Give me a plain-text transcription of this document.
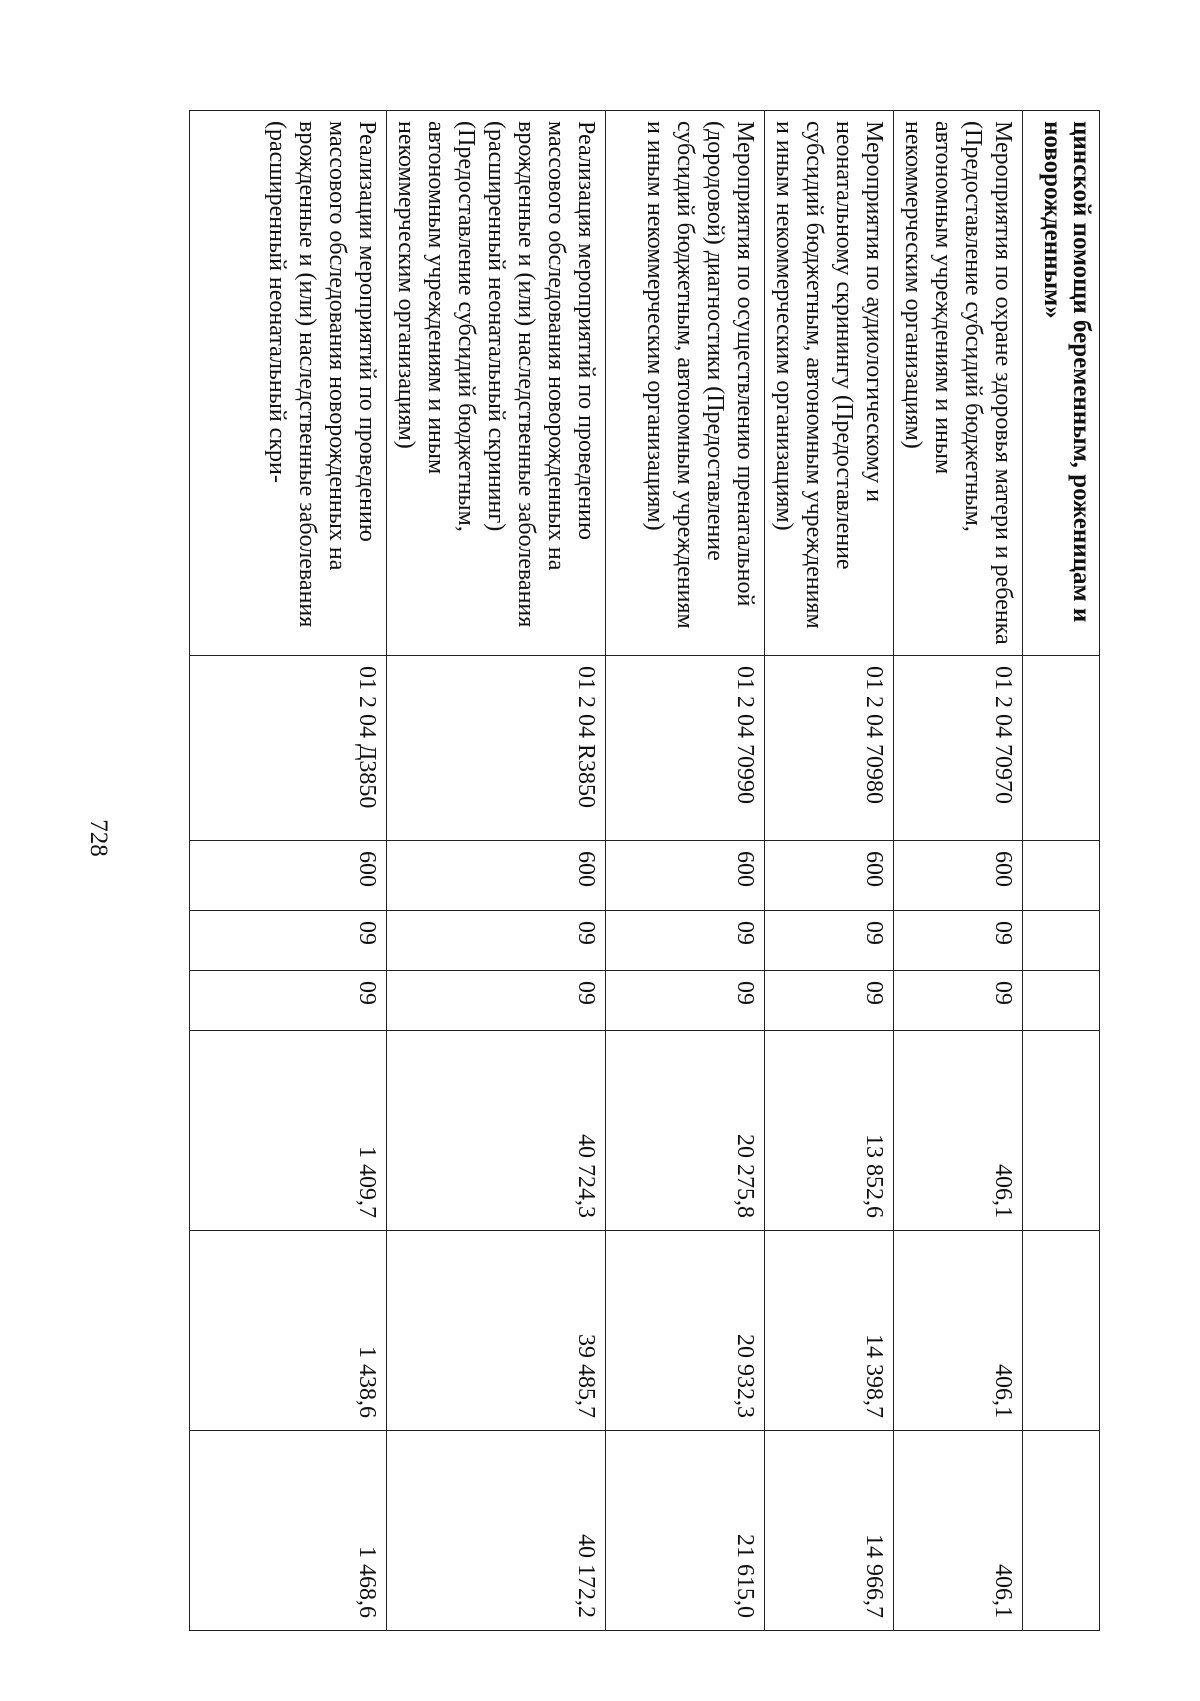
728
цинской помощи беременным, роженицам и новорожденным»							
Мероприятия по охране здоровья матери и ребенка (Предоставление субсидий бюджетным, автономным учреждениям и иным некоммерческим организациям)	01 2 04 70970	600	09	09	406,1	406,1	406,1
Мероприятия по аудиологическому и неонатальному скринингу (Предоставление субсидий бюджетным, автономным учреждениям и иным некоммерческим организациям)	01 2 04 70980	600	09	09	13 852,6	14 398,7	14 966,7
Мероприятия по осуществлению пренатальной (дородовой) диагностики (Предоставление субсидий бюджетным, автономным учреждениям и иным некоммерческим организациям)	01 2 04 70990	600	09	09	20 275,8	20 932,3	21 615,0
Реализация мероприятий по проведению массового обследования новорожденных на врожденные и (или) наследственные заболевания (расширенный неонатальный скрининг) (Предоставление субсидий бюджетным, автономным учреждениям и иным некоммерческим организациям)	01 2 04 R3850	600	09	09	40 724,3	39 485,7	40 172,2
Реализации мероприятий по проведению массового обследования новорожденных на врожденные и (или) наследственные заболевания (расширенный неонатальный скри-	01 2 04 Д3850	600	09	09	1 409,7	1 438,6	1 468,6
